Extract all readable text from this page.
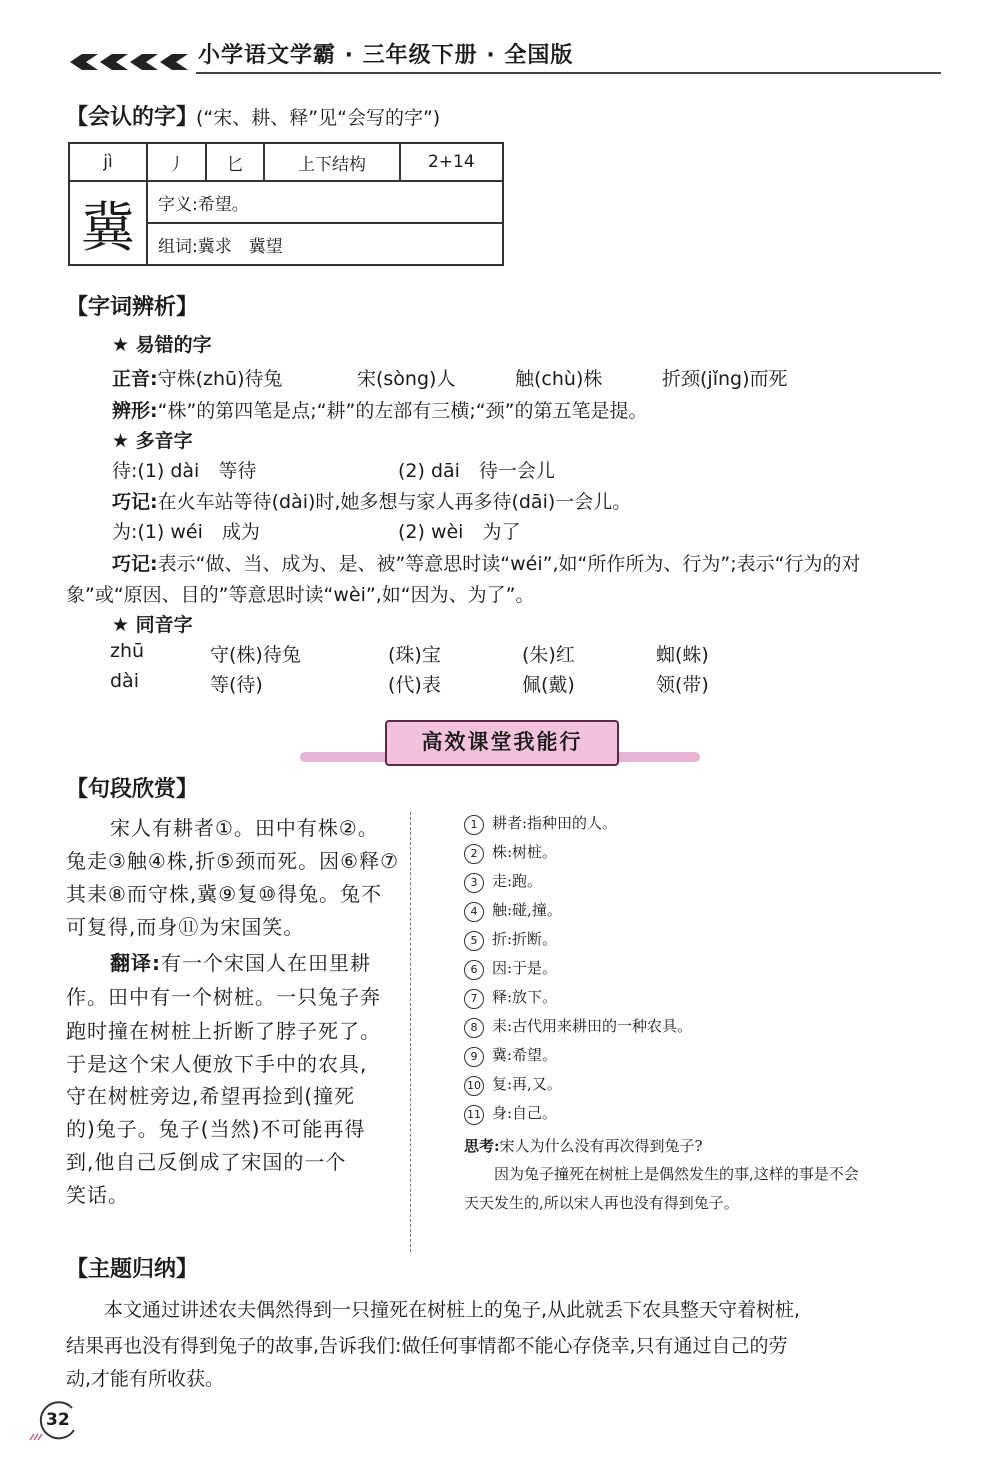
小学语文学霸 · 三年级下册 · 全国版
【会认的字】
(“宋、耕、释”见“会写的字”)
jì	丿	匕	上下结构	2+14
冀	字义:希望。			
	组词:冀求　冀望			
【字词辨析】
★ 易错的字
正音:守株(zhū)待兔	宋(sòng)人	触(chù)株	折颈(jǐng)而死
辨形:“株”的第四笔是点;“耕”的左部有三横;“颈”的第五笔是提。
★ 多音字
待:(1) dài　等待	(2) dāi　待一会儿
巧记:在火车站等待(dài)时,她多想与家人再多待(dāi)一会儿。
为:(1) wéi　成为	(2) wèi　为了
巧记:表示“做、当、成为、是、被”等意思时读“wéi”,如“所作所为、行为”;表示“行为的对
象”或“原因、目的”等意思时读“wèi”,如“因为、为了”。
★ 同音字
zhū	守(株)待兔	(珠)宝	(朱)红	蜘(蛛)
dài	等(待)	(代)表	佩(戴)	领(带)
高效课堂我能行
【句段欣赏】
宋人有耕者①。田中有株②。
兔走③触④株,折⑤颈而死。因⑥释⑦
其耒⑧而守株,冀⑨复⑩得兔。兔不
可复得,而身⑪为宋国笑。
翻译:有一个宋国人在田里耕
作。田中有一个树桩。一只兔子奔
跑时撞在树桩上折断了脖子死了。
于是这个宋人便放下手中的农具,
守在树桩旁边,希望再捡到(撞死
的)兔子。兔子(当然)不可能再得
到,他自己反倒成了宋国的一个
笑话。
1 耕者:指种田的人。
2 株:树桩。
3 走:跑。
4 触:碰,撞。
5 折:折断。
6 因:于是。
7 释:放下。
8 耒:古代用来耕田的一种农具。
9 冀:希望。
10 复:再,又。
11 身:自己。
思考:宋人为什么没有再次得到兔子?
因为兔子撞死在树桩上是偶然发生的事,这样的事是不会
天天发生的,所以宋人再也没有得到兔子。
【主题归纳】
本文通过讲述农夫偶然得到一只撞死在树桩上的兔子,从此就丢下农具整天守着树桩,
结果再也没有得到兔子的故事,告诉我们:做任何事情都不能心存侥幸,只有通过自己的劳
动,才能有所收获。
32
